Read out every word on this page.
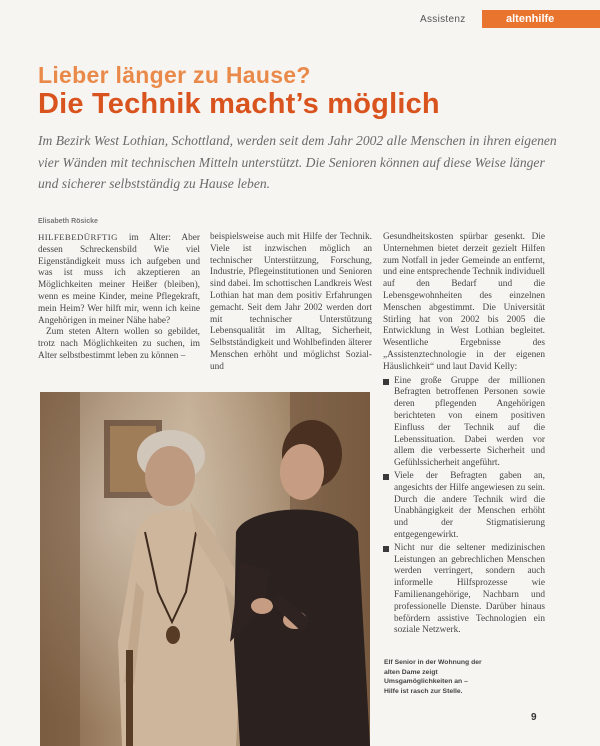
Assistenz	altenhilfe
Lieber länger zu Hause?
Die Technik macht’s möglich
Im Bezirk West Lothian, Schottland, werden seit dem Jahr 2002 alle Menschen in ihren eigenen vier Wänden mit technischen Mitteln unterstützt. Die Senioren können auf diese Weise länger und sicherer selbstständig zu Hause leben.
Elisabeth Rösicke

HILFEBEDÜRFTIG im Alter: Aber dessen Schreckensbild Wie viel Eigenständigkeit muss ich aufgeben und was ist muss ich akzeptieren an Möglichkeiten meiner Heißer (bleiben), wenn es meine Kinder, meine Pflegekraft, mein Heim? Wer hilft mir, wenn ich keine Angehörigen in meiner Nähe habe?

Zum steten Altern wollen so gebildet, trotz nach Möglichkeiten zu suchen, im Alter selbstbestimmt leben zu können –

beispielsweise auch mit Hilfe der Technik. Viele ist inzwischen möglich an technischer Unterstützung, Forschung, Industrie, Pflegeinstitutionen und Senioren sind dabei. Im schottischen Landkreis West Lothian hat man dem positiv Erfahrungen gemacht. Seit dem Jahr 2002 werden dort mit technischer Unterstützung Lebensqualität im Alltag, Sicherheit, Selbstständigkeit und Wohlbefinden älterer Menschen erhöht und möglichst Sozial- und

Gesundheitskosten spürbar gesenkt. Die Unternehmen bietet derzeit gezielt Hilfen zum Notfall in jeder Gemeinde an entfernt, und eine entsprechende Technik individuell auf den Bedarf und die Lebensgewohnheiten des einzelnen Menschen abgestimmt. Die Universität Stirling hat von 2002 bis 2005 die Entwicklung in West Lothian begleitet. Wesentliche Ergebnisse des „Assistenztechnologie in der eigenen Häuslichkeit“ und laut David Kelly:

Eine große Gruppe der millionen Befragten betroffenen Personen sowie deren pflegenden Angehörigen berichteten von einem positiven Einfluss der Technik auf die Lebenssituation. Dabei werden vor allem die verbesserte Sicherheit und Gefühlssicherheit angeführt.
Viele der Befragten gaben an, angesichts der Hilfe angewiesen zu sein. Durch die andere Technik wird die Unabhängigkeit der Menschen erhöht und der Stigmatisierung entgegengewirkt.
Nicht nur die seltener medizinischen Leistungen an gebrechlichen Menschen werden verringert, sondern auch informelle Hilfsprozesse wie Familienangehörige, Nachbarn und professionelle Dienste. Darüber hinaus befördern assistive Technologien ein soziale Netzwerk.
Elf Senior in der Wohnung der alten Dame zeigt Umsgamöglichkeiten an – Hilfe ist rasch zur Stelle.
9
